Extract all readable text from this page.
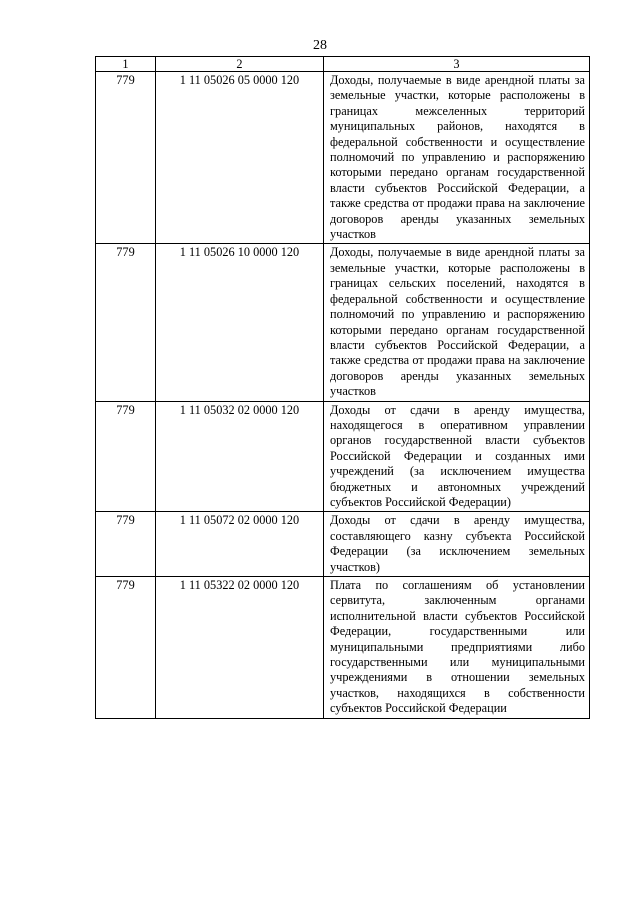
28
1	2	3
779	1 11 05026 05 0000 120	Доходы, получаемые в виде арендной платы за земельные участки, которые расположены в границах межселенных территорий муниципальных районов, находятся в федеральной собственности и осуществление полномочий по управлению и распоряжению которыми передано органам государственной власти субъектов Российской Федерации, а также средства от продажи права на заключение договоров аренды указанных земельных участков
779	1 11 05026 10 0000 120	Доходы, получаемые в виде арендной платы за земельные участки, которые расположены в границах сельских поселений, находятся в федеральной собственности и осуществление полномочий по управлению и распоряжению которыми передано органам государственной власти субъектов Российской Федерации, а также средства от продажи права на заключение договоров аренды указанных земельных участков
779	1 11 05032 02 0000 120	Доходы от сдачи в аренду имущества, находящегося в оперативном управлении органов государственной власти субъектов Российской Федерации и созданных ими учреждений (за исключением имущества бюджетных и автономных учреждений субъектов Российской Федерации)
779	1 11 05072 02 0000 120	Доходы от сдачи в аренду имущества, составляющего казну субъекта Российской Федерации (за исключением земельных участков)
779	1 11 05322 02 0000 120	Плата по соглашениям об установлении сервитута, заключенным органами исполнительной власти субъектов Российской Федерации, государственными или муниципальными предприятиями либо государственными или муниципальными учреждениями в отношении земельных участков, находящихся в собственности субъектов Российской Федерации
